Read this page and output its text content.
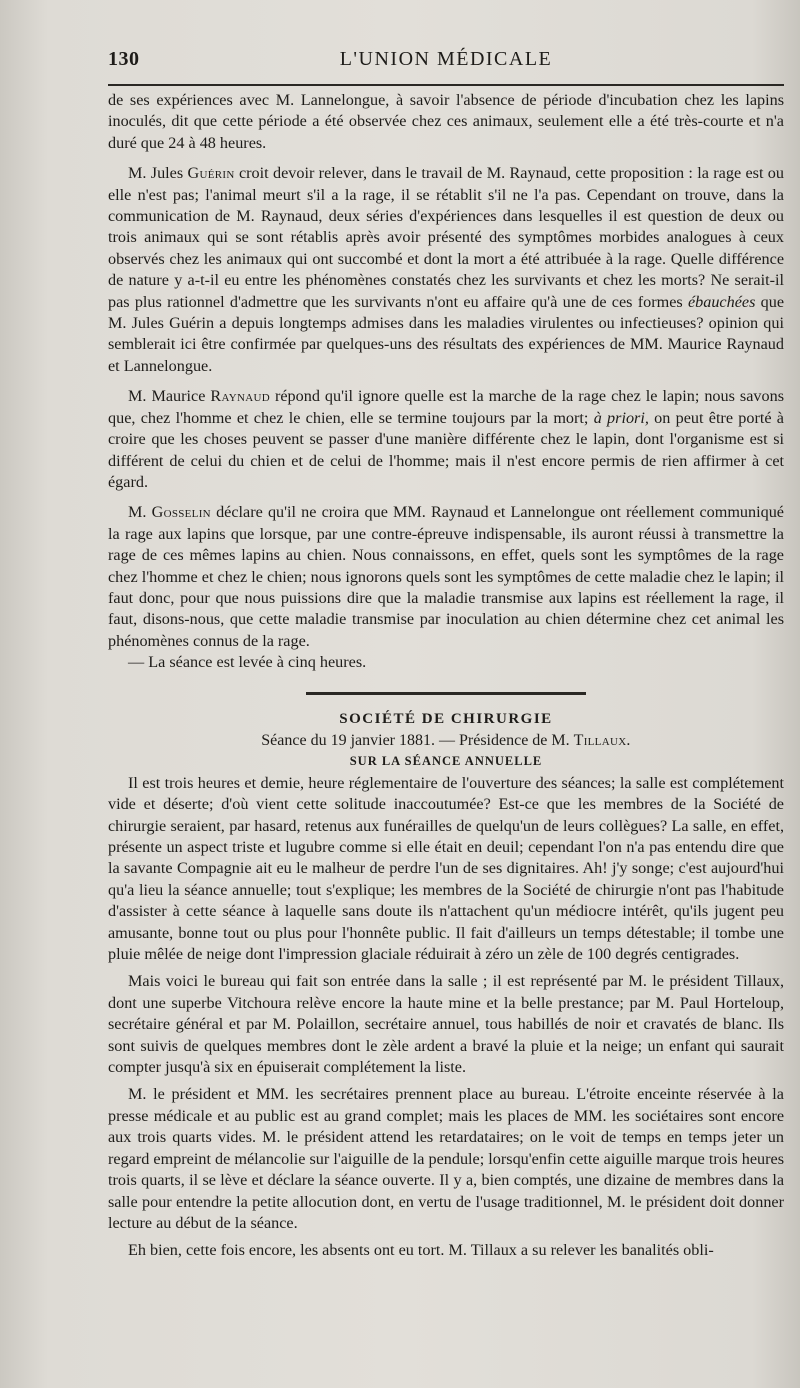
130	L'UNION MÉDICALE

de ses expériences avec M. Lannelongue, à savoir l'absence de période d'incubation chez les lapins inoculés, dit que cette période a été observée chez ces animaux, seulement elle a été très-courte et n'a duré que 24 à 48 heures.

M. Jules Guérin croit devoir relever, dans le travail de M. Raynaud, cette proposition : la rage est ou elle n'est pas; l'animal meurt s'il a la rage, il se rétablit s'il ne l'a pas. Cependant on trouve, dans la communication de M. Raynaud, deux séries d'expériences dans lesquelles il est question de deux ou trois animaux qui se sont rétablis après avoir présenté des symptômes morbides analogues à ceux observés chez les animaux qui ont succombé et dont la mort a été attribuée à la rage. Quelle différence de nature y a-t-il eu entre les phénomènes constatés chez les survivants et chez les morts? Ne serait-il pas plus rationnel d'admettre que les survivants n'ont eu affaire qu'à une de ces formes ébauchées que M. Jules Guérin a depuis longtemps admises dans les maladies virulentes ou infectieuses? opinion qui semblerait ici être confirmée par quelques-uns des résultats des expériences de MM. Maurice Raynaud et Lannelongue.

M. Maurice Raynaud répond qu'il ignore quelle est la marche de la rage chez le lapin; nous savons que, chez l'homme et chez le chien, elle se termine toujours par la mort; à priori, on peut être porté à croire que les choses peuvent se passer d'une manière différente chez le lapin, dont l'organisme est si différent de celui du chien et de celui de l'homme; mais il n'est encore permis de rien affirmer à cet égard.

M. Gosselin déclare qu'il ne croira que MM. Raynaud et Lannelongue ont réellement communiqué la rage aux lapins que lorsque, par une contre-épreuve indispensable, ils auront réussi à transmettre la rage de ces mêmes lapins au chien. Nous connaissons, en effet, quels sont les symptômes de la rage chez l'homme et chez le chien; nous ignorons quels sont les symptômes de cette maladie chez le lapin; il faut donc, pour que nous puissions dire que la maladie transmise aux lapins est réellement la rage, il faut, disons-nous, que cette maladie transmise par inoculation au chien détermine chez cet animal les phénomènes connus de la rage.

— La séance est levée à cinq heures.

SOCIÉTÉ DE CHIRURGIE

Séance du 19 janvier 1881. — Présidence de M. Tillaux.

SUR LA SÉANCE ANNUELLE

Il est trois heures et demie, heure réglementaire de l'ouverture des séances; la salle est complétement vide et déserte; d'où vient cette solitude inaccoutumée? Est-ce que les membres de la Société de chirurgie seraient, par hasard, retenus aux funérailles de quelqu'un de leurs collègues? La salle, en effet, présente un aspect triste et lugubre comme si elle était en deuil; cependant l'on n'a pas entendu dire que la savante Compagnie ait eu le malheur de perdre l'un de ses dignitaires. Ah! j'y songe; c'est aujourd'hui qu'a lieu la séance annuelle; tout s'explique; les membres de la Société de chirurgie n'ont pas l'habitude d'assister à cette séance à laquelle sans doute ils n'attachent qu'un médiocre intérêt, qu'ils jugent peu amusante, bonne tout ou plus pour l'honnête public. Il fait d'ailleurs un temps détestable; il tombe une pluie mêlée de neige dont l'impression glaciale réduirait à zéro un zèle de 100 degrés centigrades.

Mais voici le bureau qui fait son entrée dans la salle ; il est représenté par M. le président Tillaux, dont une superbe Vitchoura relève encore la haute mine et la belle prestance; par M. Paul Horteloup, secrétaire général et par M. Polaillon, secrétaire annuel, tous habillés de noir et cravatés de blanc. Ils sont suivis de quelques membres dont le zèle ardent a bravé la pluie et la neige; un enfant qui saurait compter jusqu'à six en épuiserait complétement la liste.

M. le président et MM. les secrétaires prennent place au bureau. L'étroite enceinte réservée à la presse médicale et au public est au grand complet; mais les places de MM. les sociétaires sont encore aux trois quarts vides. M. le président attend les retardataires; on le voit de temps en temps jeter un regard empreint de mélancolie sur l'aiguille de la pendule; lorsqu'enfin cette aiguille marque trois heures trois quarts, il se lève et déclare la séance ouverte. Il y a, bien comptés, une dizaine de membres dans la salle pour entendre la petite allocution dont, en vertu de l'usage traditionnel, M. le président doit donner lecture au début de la séance.

Eh bien, cette fois encore, les absents ont eu tort. M. Tillaux a su relever les banalités obli-
